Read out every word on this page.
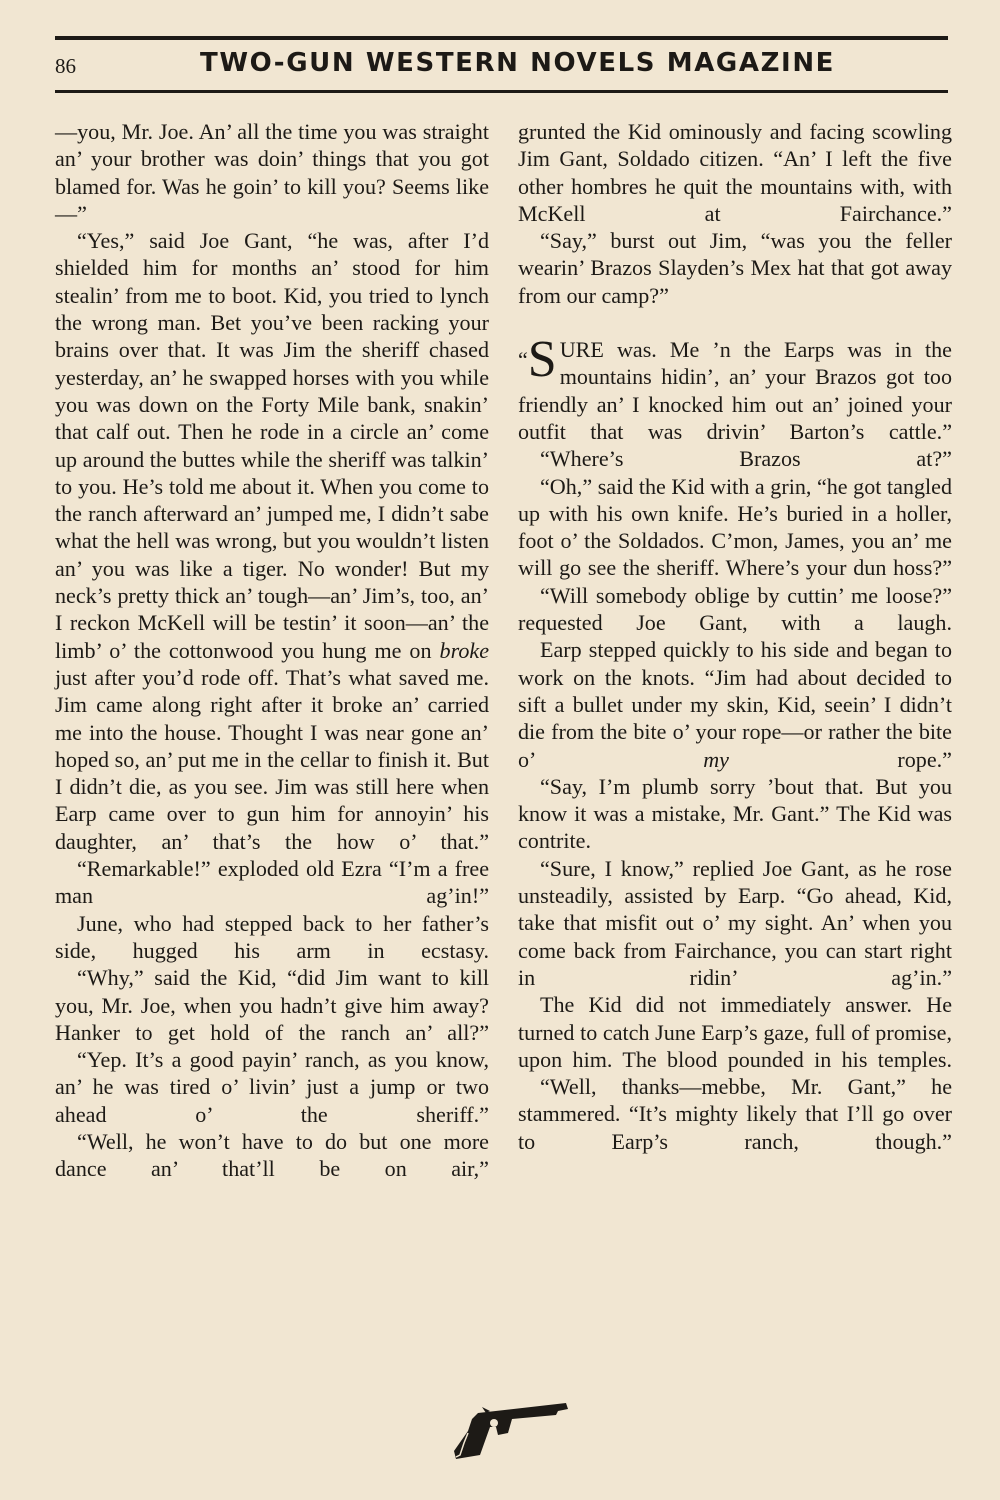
86	TWO-GUN WESTERN NOVELS MAGAZINE

—you, Mr. Joe. An’ all the time you was straight an’ your brother was doin’ things that you got blamed for. Was he goin’ to kill you? Seems like—”

“Yes,” said Joe Gant, “he was, after I’d shielded him for months an’ stood for him stealin’ from me to boot. Kid, you tried to lynch the wrong man. Bet you’ve been racking your brains over that. It was Jim the sheriff chased yesterday, an’ he swapped horses with you while you was down on the Forty Mile bank, snakin’ that calf out. Then he rode in a circle an’ come up around the buttes while the sheriff was talkin’ to you. He’s told me about it. When you come to the ranch afterward an’ jumped me, I didn’t sabe what the hell was wrong, but you wouldn’t listen an’ you was like a tiger. No wonder! But my neck’s pretty thick an’ tough—an’ Jim’s, too, an’ I reckon McKell will be testin’ it soon—an’ the limb’ o’ the cottonwood you hung me on broke just after you’d rode off. That’s what saved me. Jim came along right after it broke an’ carried me into the house. Thought I was near gone an’ hoped so, an’ put me in the cellar to finish it. But I didn’t die, as you see. Jim was still here when Earp came over to gun him for annoyin’ his daughter, an’ that’s the how o’ that.”

“Remarkable!” exploded old Ezra “I’m a free man ag’in!”

June, who had stepped back to her father’s side, hugged his arm in ecstasy.

“Why,” said the Kid, “did Jim want to kill you, Mr. Joe, when you hadn’t give him away? Hanker to get hold of the ranch an’ all?”

“Yep. It’s a good payin’ ranch, as you know, an’ he was tired o’ livin’ just a jump or two ahead o’ the sheriff.”

“Well, he won’t have to do but one more dance an’ that’ll be on air,”

grunted the Kid ominously and facing scowling Jim Gant, Soldado citizen. “An’ I left the five other hombres he quit the mountains with, with McKell at Fairchance.”

“Say,” burst out Jim, “was you the feller wearin’ Brazos Slayden’s Mex hat that got away from our camp?”

“S URE was. Me ’n the Earps was in the mountains hidin’, an’ your Brazos got too friendly an’ I knocked him out an’ joined your outfit that was drivin’ Barton’s cattle.”

“Where’s Brazos at?”

“Oh,” said the Kid with a grin, “he got tangled up with his own knife. He’s buried in a holler, foot o’ the Soldados. C’mon, James, you an’ me will go see the sheriff. Where’s your dun hoss?”

“Will somebody oblige by cuttin’ me loose?” requested Joe Gant, with a laugh.

Earp stepped quickly to his side and began to work on the knots. “Jim had about decided to sift a bullet under my skin, Kid, seein’ I didn’t die from the bite o’ your rope—or rather the bite o’	my	rope.”

“Say, I’m plumb sorry ’bout that. But you know it was a mistake, Mr. Gant.” The Kid was contrite.

“Sure, I know,” replied Joe Gant, as he rose unsteadily, assisted by Earp. “Go ahead, Kid, take that misfit out o’ my sight. An’ when you come back from Fairchance, you can start right in ridin’ ag’in.”

The Kid did not immediately answer. He turned to catch June Earp’s gaze, full of promise, upon him. The blood pounded in his temples.

“Well, thanks—mebbe, Mr. Gant,” he stammered. “It’s mighty likely that I’ll go over to Earp’s ranch, though.”
